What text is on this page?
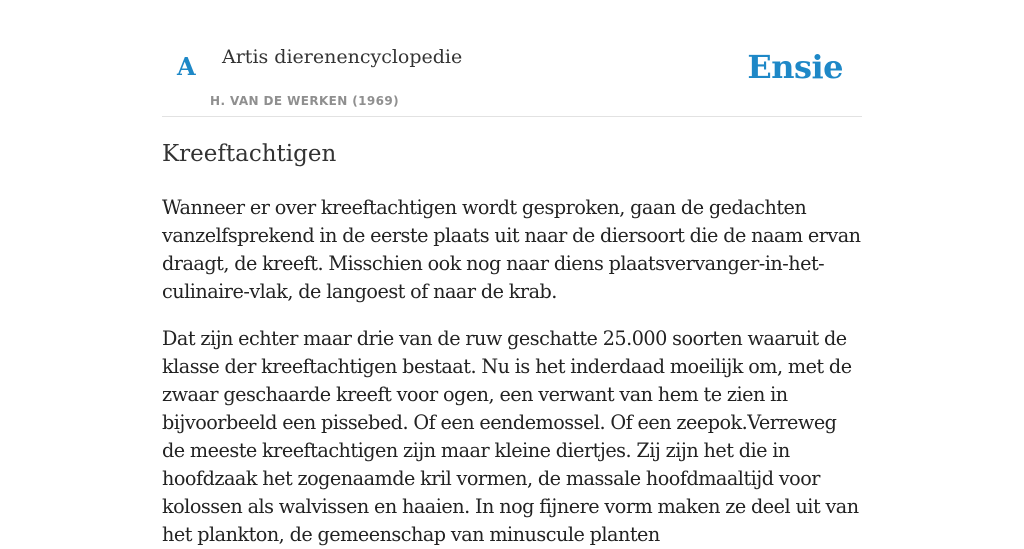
A Artis dierenencyclopedie
H. VAN DE WERKEN (1969)
Ensie
Kreeftachtigen

Wanneer er over kreeftachtigen wordt gesproken, gaan de gedachten vanzelfsprekend in de eerste plaats uit naar de diersoort die de naam ervan draagt, de kreeft. Misschien ook nog naar diens plaatsvervanger-in-het-culinaire-vlak, de langoest of naar de krab.

Dat zijn echter maar drie van de ruw geschatte 25.000 soorten waaruit de klasse der kreeftachtigen bestaat. Nu is het inderdaad moeilijk om, met de zwaar geschaarde kreeft voor ogen, een verwant van hem te zien in bijvoorbeeld een pissebed. Of een eendemossel. Of een zeepok.Verreweg de meeste kreeftachtigen zijn maar kleine diertjes. Zij zijn het die in hoofdzaak het zogenaamde kril vormen, de massale hoofdmaaltijd voor kolossen als walvissen en haaien. In nog fijnere vorm maken ze deel uit van het plankton, de gemeenschap van minuscule planten
